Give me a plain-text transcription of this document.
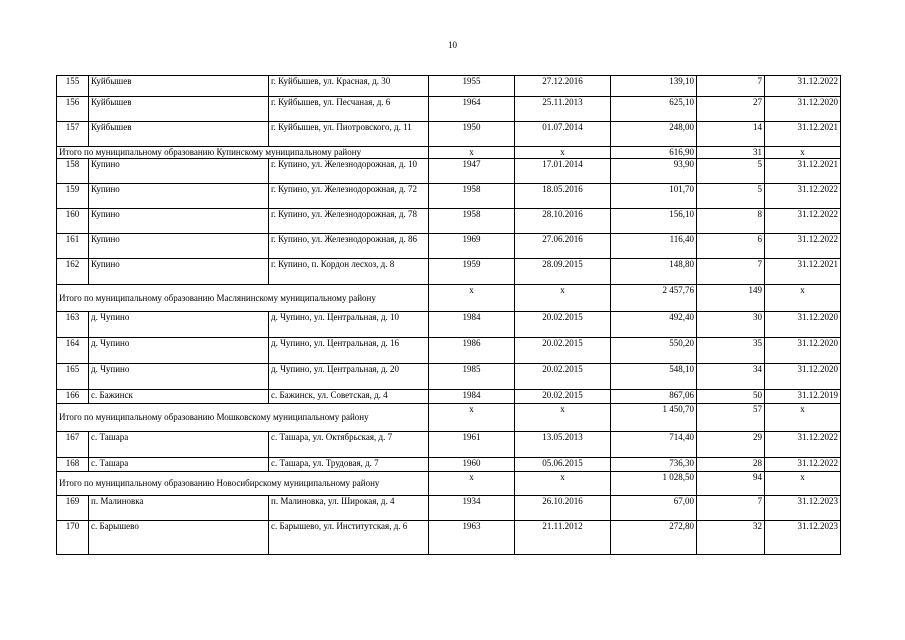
10
155	Куйбышев	г. Куйбышев, ул. Красная, д. 30	1955	27.12.2016	139,10	7	31.12.2022
156	Куйбышев	г. Куйбышев, ул. Песчаная, д. 6	1964	25.11.2013	625,10	27	31.12.2020
157	Куйбышев	г. Куйбышев, ул. Пиотровского, д. 11	1950	01.07.2014	248,00	14	31.12.2021
Итого по муниципальному образованию Купинскому муниципальному району			x	x	616,90	31	x
158	Купино	г. Купино, ул. Железнодорожная, д. 10	1947	17.01.2014	93,90	5	31.12.2021
159	Купино	г. Купино, ул. Железнодорожная, д. 72	1958	18.05.2016	101,70	5	31.12.2022
160	Купино	г. Купино, ул. Железнодорожная, д. 78	1958	28.10.2016	156,10	8	31.12.2022
161	Купино	г. Купино, ул. Железнодорожная, д. 86	1969	27.06.2016	116,40	6	31.12.2022
162	Купино	г. Купино, п. Кордон лесхоз, д. 8	1959	28.09.2015	148,80	7	31.12.2021
Итого по муниципальному образованию Маслянинскому муниципальному району			x	x	2 457,76	149	x
163	д. Чупино	д. Чупино, ул. Центральная, д. 10	1984	20.02.2015	492,40	30	31.12.2020
164	д. Чупино	д. Чупино, ул. Центральная, д. 16	1986	20.02.2015	550,20	35	31.12.2020
165	д. Чупино	д. Чупино, ул. Центральная, д. 20	1985	20.02.2015	548,10	34	31.12.2020
166	с. Бажинск	с. Бажинск, ул. Советская, д. 4	1984	20.02.2015	867,06	50	31.12.2019
Итого по муниципальному образованию Мошковскому муниципальному району			x	x	1 450,70	57	x
167	с. Ташара	с. Ташара, ул. Октябрьская, д. 7	1961	13.05.2013	714,40	29	31.12.2022
168	с. Ташара	с. Ташара, ул. Трудовая, д. 7	1960	05.06.2015	736,30	28	31.12.2022
Итого по муниципальному образованию Новосибирскому муниципальному району			x	x	1 028,50	94	x
169	п. Малиновка	п. Малиновка, ул. Широкая, д. 4	1934	26.10.2016	67,00	7	31.12.2023
170	с. Барышево	с. Барышево, ул. Институтская, д. 6	1963	21.11.2012	272,80	32	31.12.2023
